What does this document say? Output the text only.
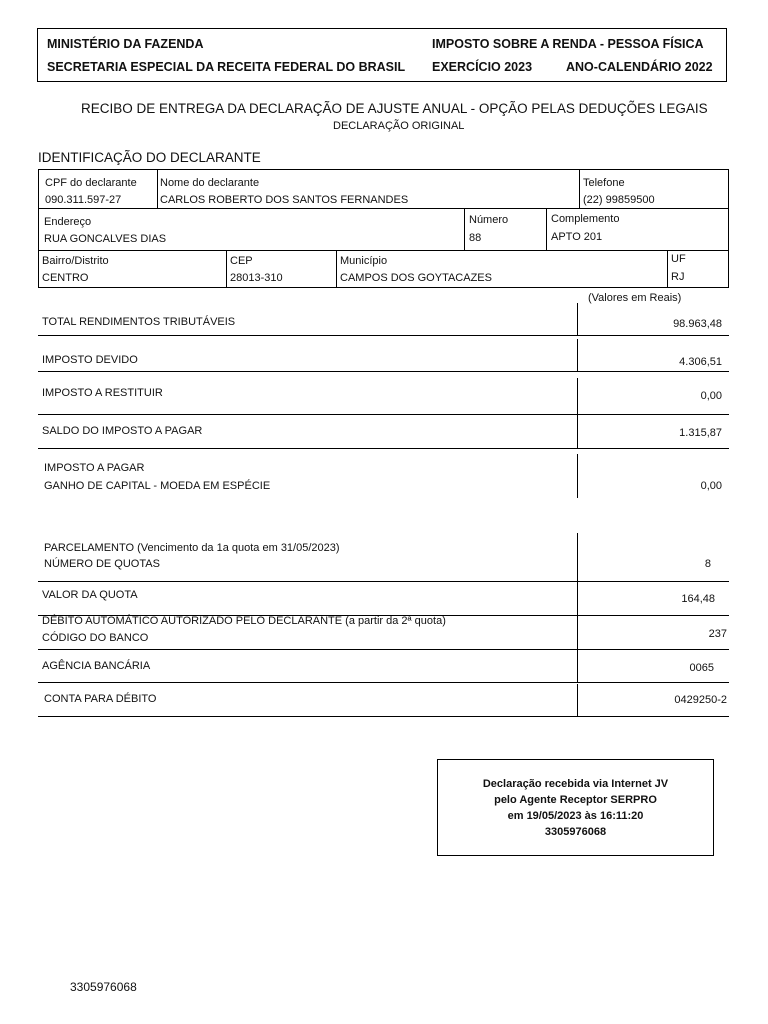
MINISTÉRIO DA FAZENDA
SECRETARIA ESPECIAL DA RECEITA FEDERAL DO BRASIL
IMPOSTO SOBRE A RENDA - PESSOA FÍSICA
EXERCÍCIO 2023	ANO-CALENDÁRIO 2022
RECIBO DE ENTREGA DA DECLARAÇÃO DE AJUSTE ANUAL - OPÇÃO PELAS DEDUÇÕES LEGAIS
DECLARAÇÃO ORIGINAL
IDENTIFICAÇÃO DO DECLARANTE
CPF do declarante
090.311.597-27
Nome do declarante
CARLOS ROBERTO DOS SANTOS FERNANDES
Telefone
(22) 99859500
Endereço
RUA GONCALVES DIAS
Número
88
Complemento
APTO 201
Bairro/Distrito
CENTRO
CEP
28013-310
Município
CAMPOS DOS GOYTACAZES
UF
RJ
(Valores em Reais)
TOTAL RENDIMENTOS TRIBUTÁVEIS	98.963,48
IMPOSTO DEVIDO	4.306,51
IMPOSTO A RESTITUIR	0,00
SALDO DO IMPOSTO A PAGAR	1.315,87
IMPOSTO A PAGAR
GANHO DE CAPITAL - MOEDA EM ESPÉCIE	0,00
PARCELAMENTO (Vencimento da 1a quota em 31/05/2023)
NÚMERO DE QUOTAS	8
VALOR DA QUOTA	164,48
DÉBITO AUTOMÁTICO AUTORIZADO PELO DECLARANTE (a partir da 2ª quota)
CÓDIGO DO BANCO	237
AGÊNCIA BANCÁRIA	0065
CONTA PARA DÉBITO	0429250-2
Declaração recebida via Internet JV
pelo Agente Receptor SERPRO
em 19/05/2023 às 16:11:20
3305976068
3305976068
